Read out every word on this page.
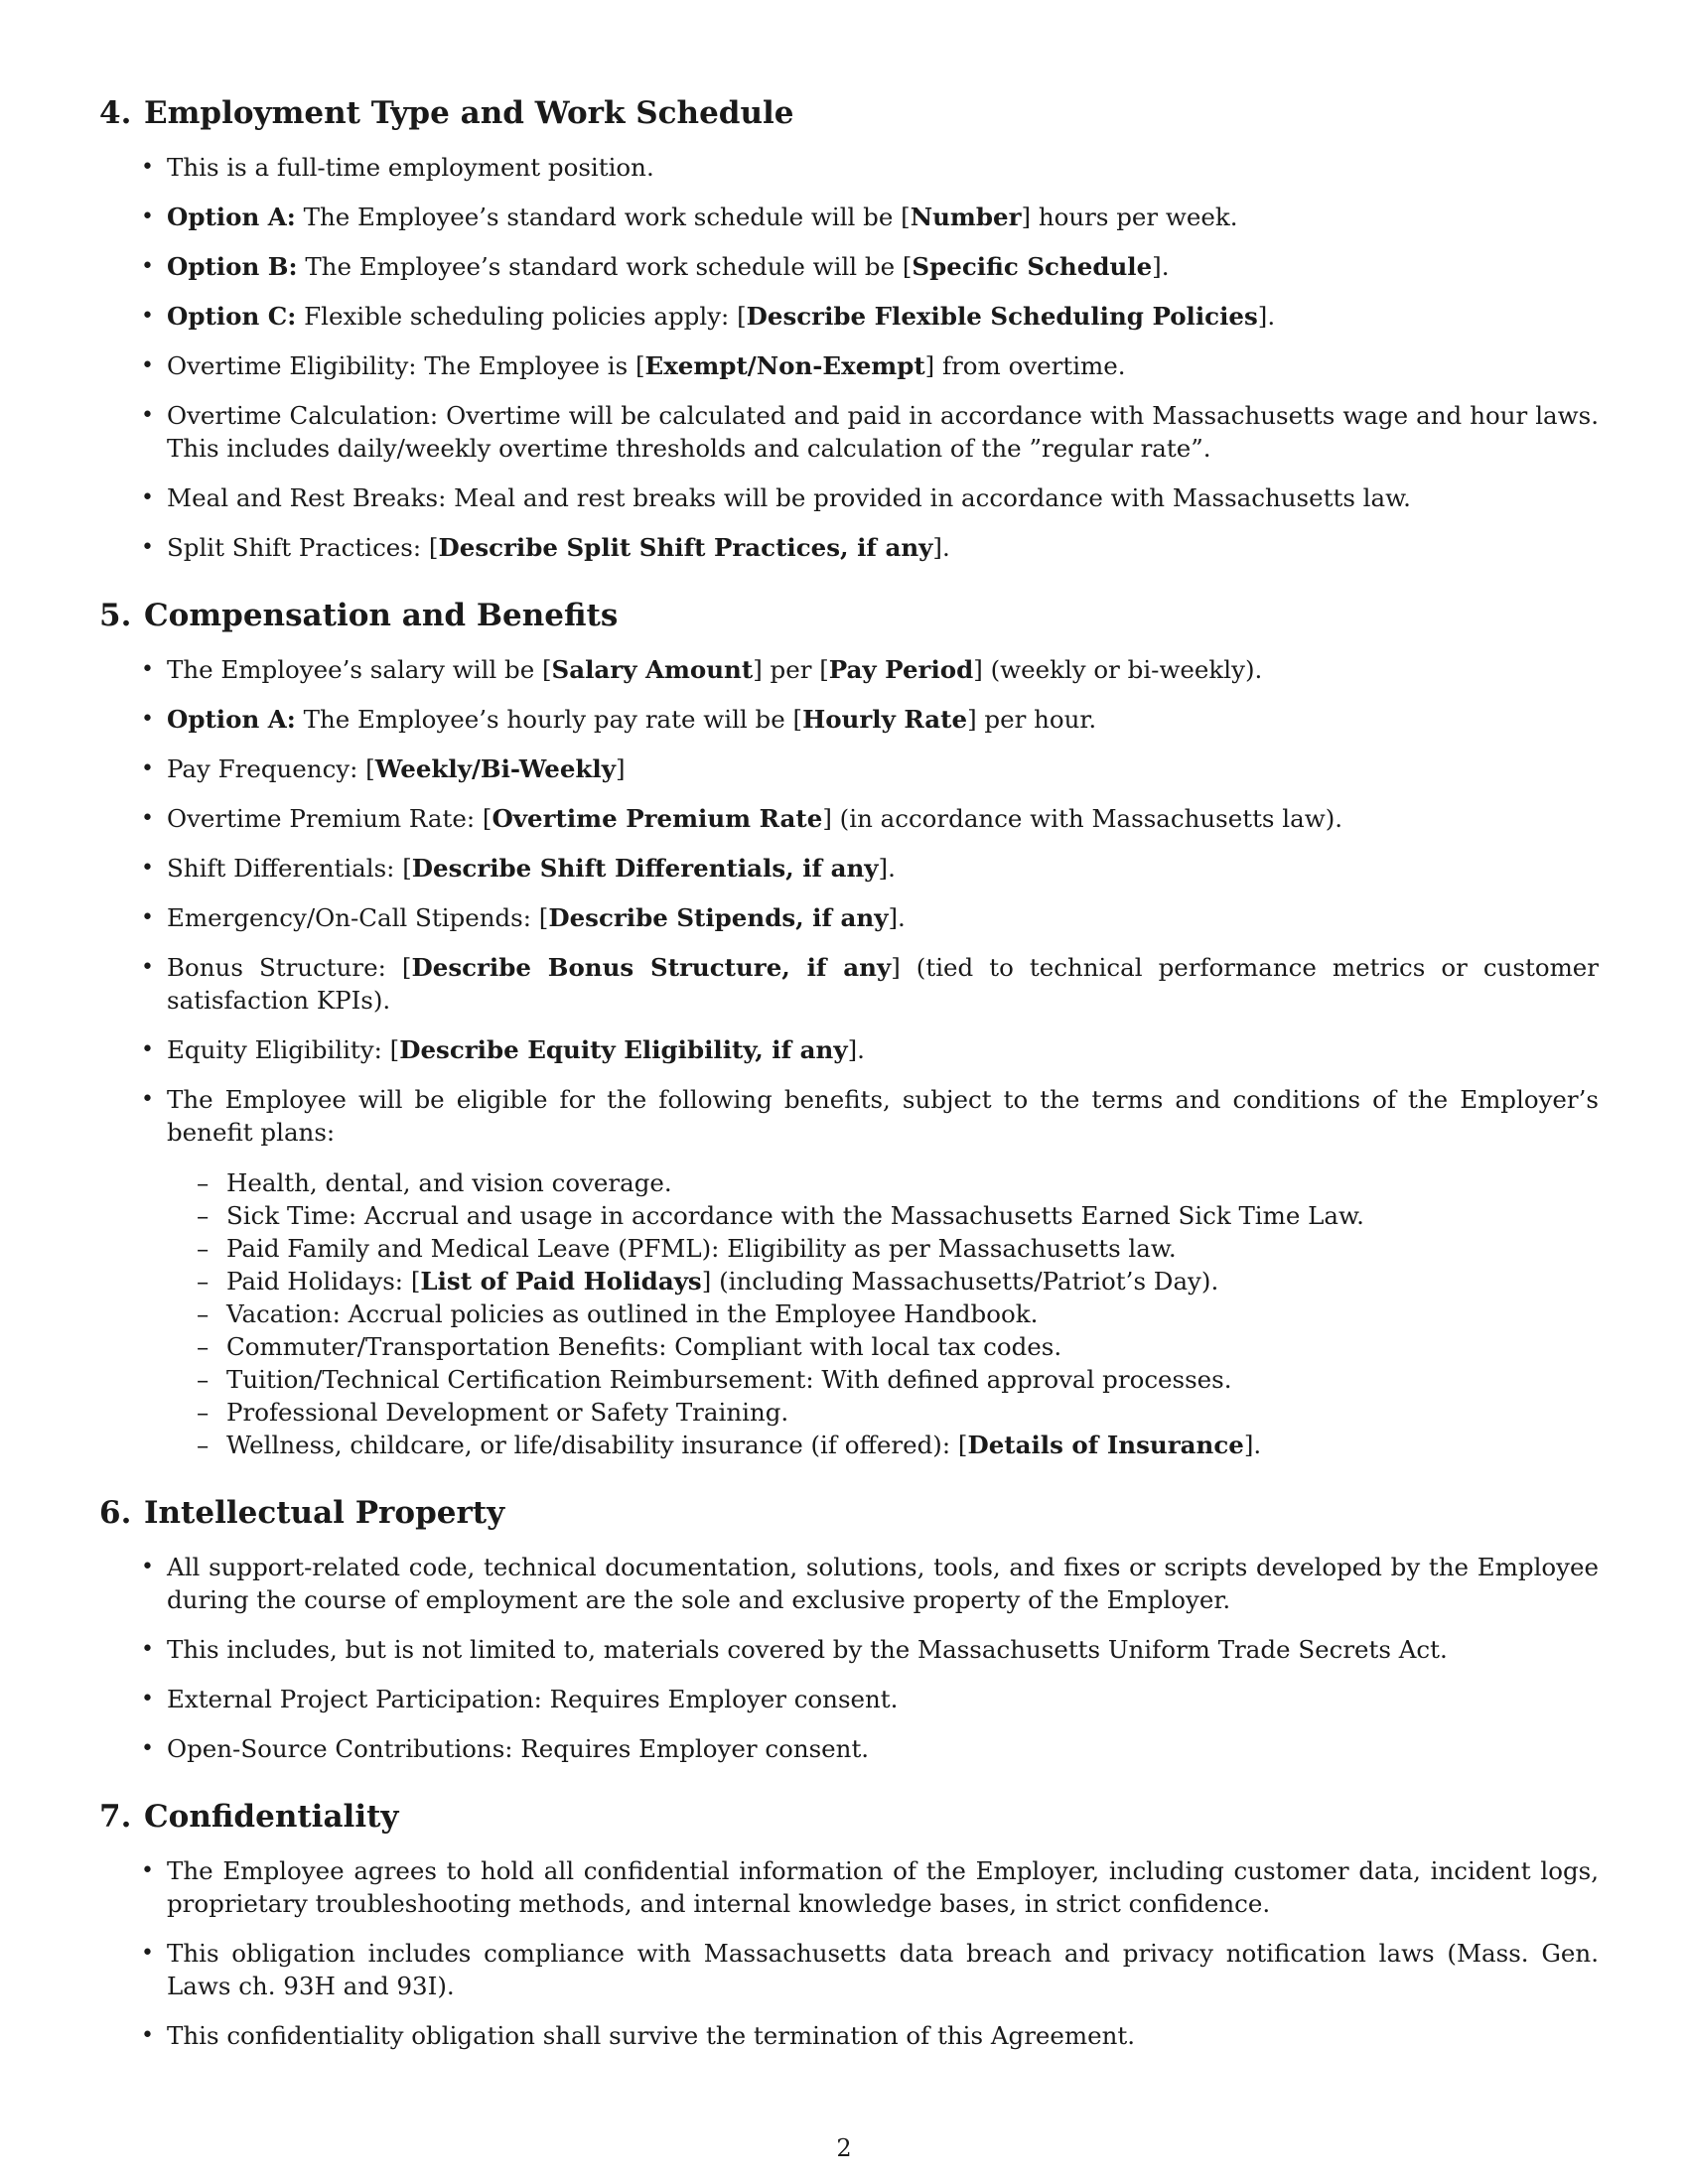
4. Employment Type and Work Schedule
• This is a full-time employment position.
• Option A: The Employee’s standard work schedule will be [Number] hours per week.
• Option B: The Employee’s standard work schedule will be [Specific Schedule].
• Option C: Flexible scheduling policies apply: [Describe Flexible Scheduling Policies].
• Overtime Eligibility: The Employee is [Exempt/Non-Exempt] from overtime.
• Overtime Calculation: Overtime will be calculated and paid in accordance with Massachusetts wage and hour laws. This includes daily/weekly overtime thresholds and calculation of the ”regular rate”.
• Meal and Rest Breaks: Meal and rest breaks will be provided in accordance with Massachusetts law.
• Split Shift Practices: [Describe Split Shift Practices, if any].
5. Compensation and Benefits
• The Employee’s salary will be [Salary Amount] per [Pay Period] (weekly or bi-weekly).
• Option A: The Employee’s hourly pay rate will be [Hourly Rate] per hour.
• Pay Frequency: [Weekly/Bi-Weekly]
• Overtime Premium Rate: [Overtime Premium Rate] (in accordance with Massachusetts law).
• Shift Differentials: [Describe Shift Differentials, if any].
• Emergency/On-Call Stipends: [Describe Stipends, if any].
• Bonus Structure: [Describe Bonus Structure, if any] (tied to technical performance metrics or customer satisfaction KPIs).
• Equity Eligibility: [Describe Equity Eligibility, if any].
• The Employee will be eligible for the following benefits, subject to the terms and conditions of the Employer’s benefit plans:
– Health, dental, and vision coverage.
– Sick Time: Accrual and usage in accordance with the Massachusetts Earned Sick Time Law.
– Paid Family and Medical Leave (PFML): Eligibility as per Massachusetts law.
– Paid Holidays: [List of Paid Holidays] (including Massachusetts/Patriot’s Day).
– Vacation: Accrual policies as outlined in the Employee Handbook.
– Commuter/Transportation Benefits: Compliant with local tax codes.
– Tuition/Technical Certification Reimbursement: With defined approval processes.
– Professional Development or Safety Training.
– Wellness, childcare, or life/disability insurance (if offered): [Details of Insurance].
6. Intellectual Property
• All support-related code, technical documentation, solutions, tools, and fixes or scripts developed by the Employee during the course of employment are the sole and exclusive property of the Employer.
• This includes, but is not limited to, materials covered by the Massachusetts Uniform Trade Secrets Act.
• External Project Participation: Requires Employer consent.
• Open-Source Contributions: Requires Employer consent.
7. Confidentiality
• The Employee agrees to hold all confidential information of the Employer, including customer data, incident logs, proprietary troubleshooting methods, and internal knowledge bases, in strict confidence.
• This obligation includes compliance with Massachusetts data breach and privacy notification laws (Mass. Gen. Laws ch. 93H and 93I).
• This confidentiality obligation shall survive the termination of this Agreement.
2
